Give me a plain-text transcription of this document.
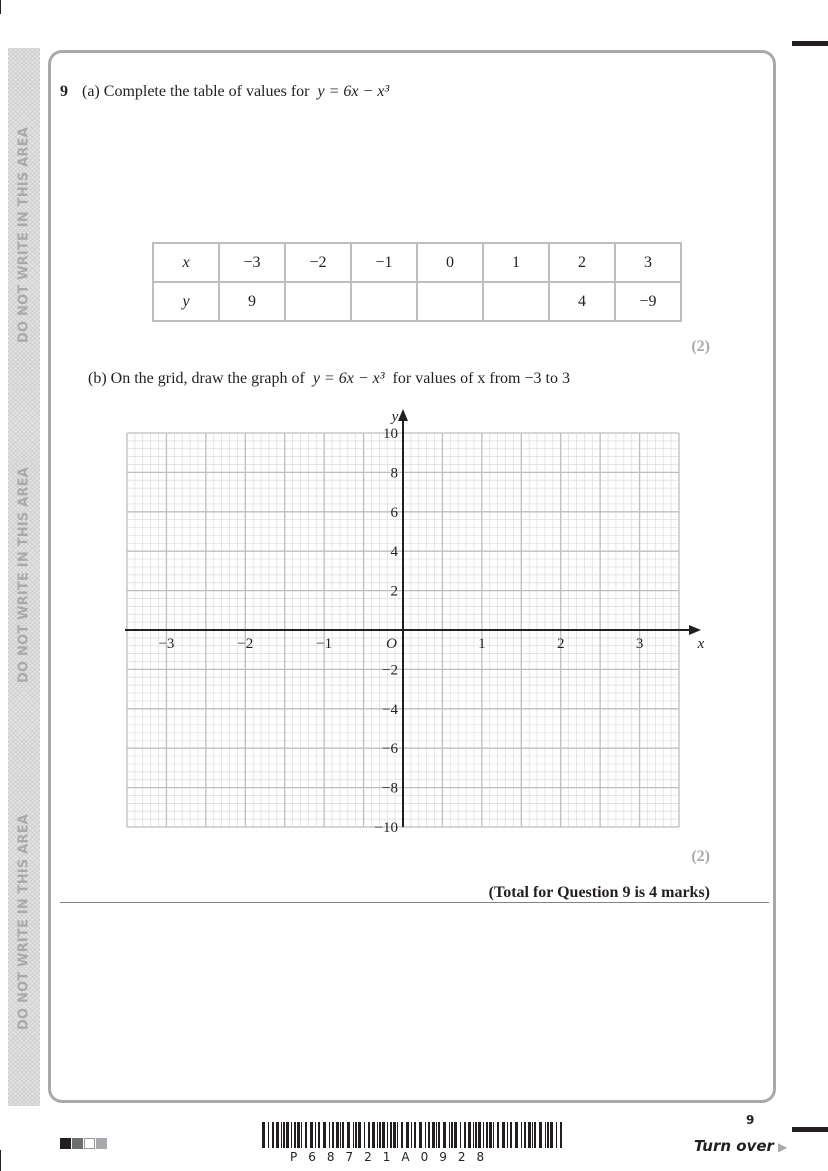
DO NOT WRITE IN THIS AREA
DO NOT WRITE IN THIS AREA
DO NOT WRITE IN THIS AREA
9 (a) Complete the table of values for y = 6x − x³
x	−3	−2	−1	0	1	2	3
y	9					4	−9
(2)
(b) On the grid, draw the graph of y = 6x − x³ for values of x from −3 to 3
−3	−2	−1	1	2	3
10
8
6
4
2
−2
−4
−6
−8
−10
O	x
y
(2)
(Total for Question 9 is 4 marks)
P68721A0928
9
Turn over ▶
